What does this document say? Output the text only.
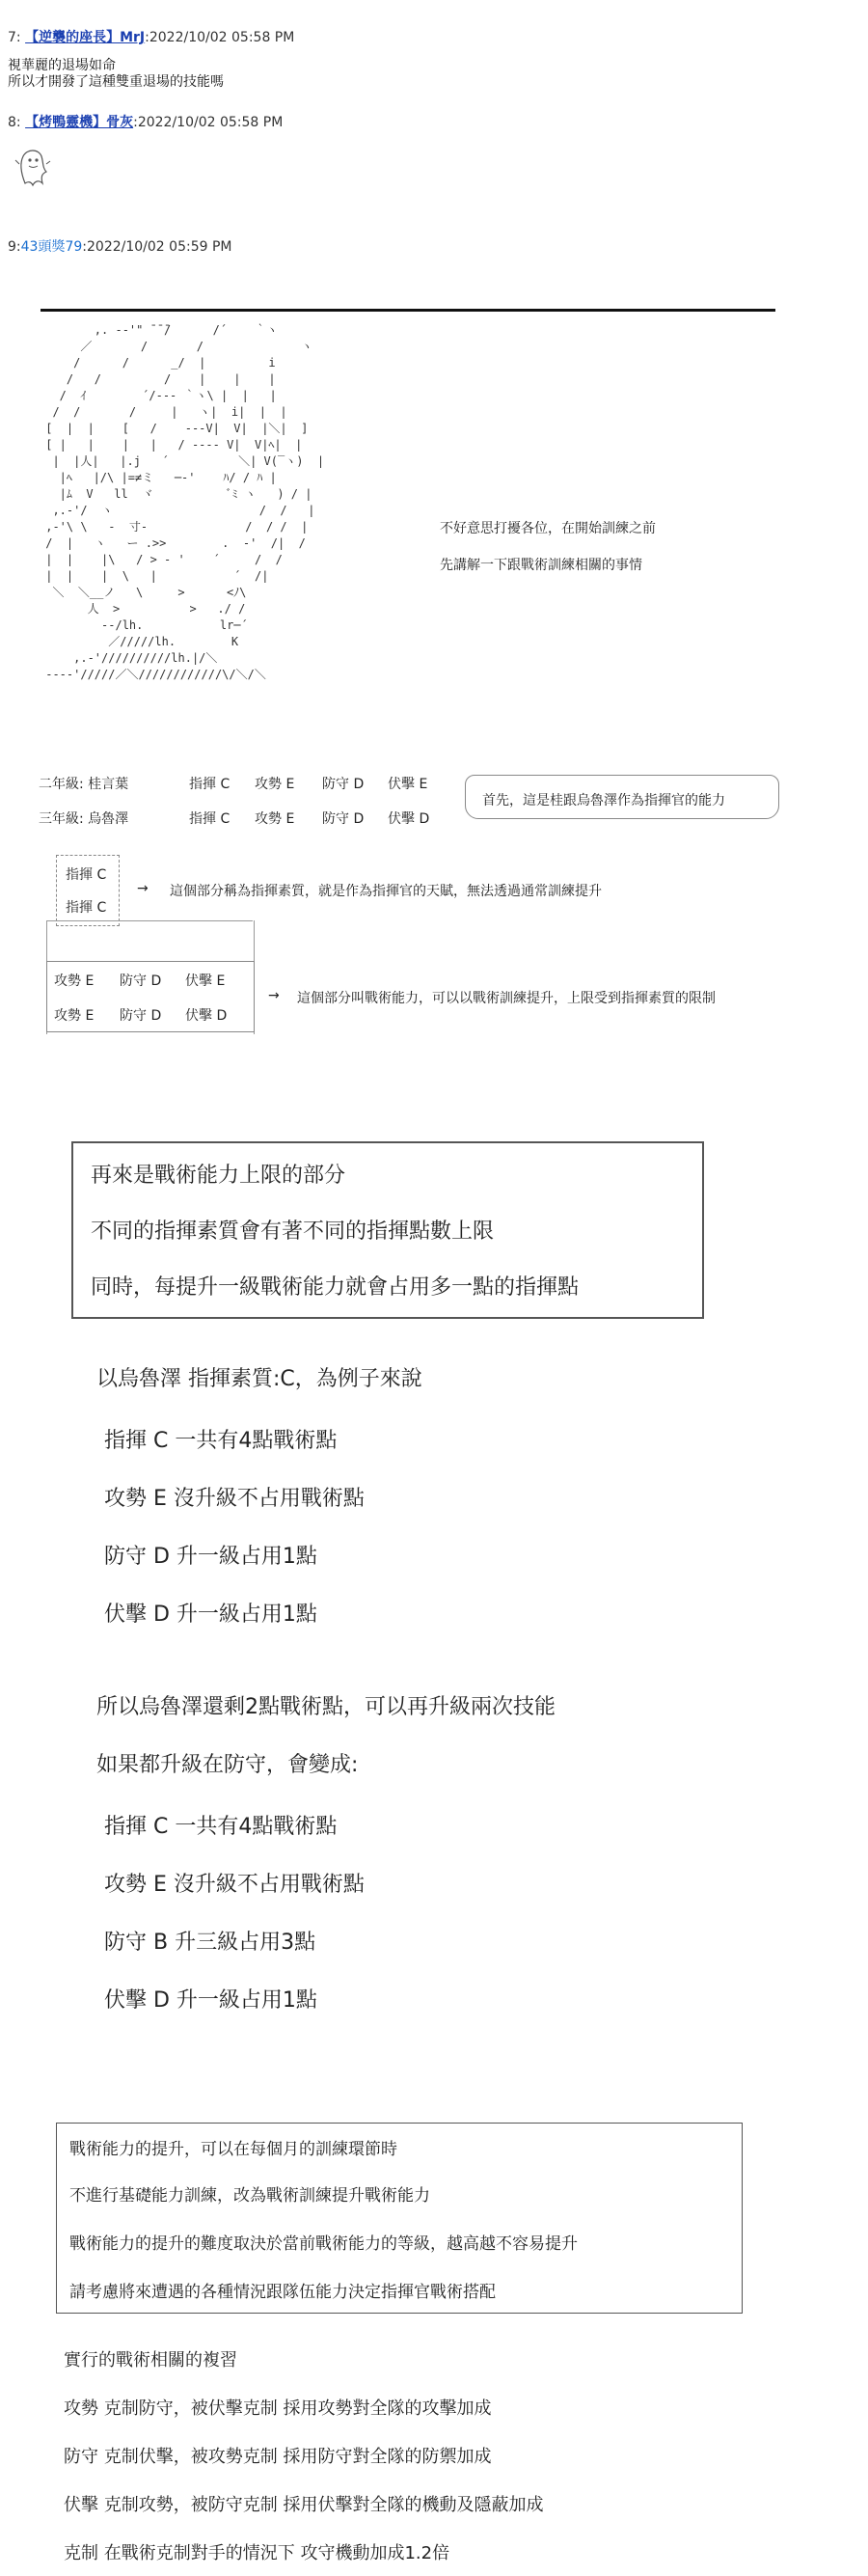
7: 【逆襲的座長】MrJ:2022/10/02 05:58 PM
視華麗的退場如命
所以才開發了這種雙重退場的技能嗎
8: 【烤鴨靈機】骨灰:2022/10/02 05:58 PM
9:43頭獎79:2022/10/02 05:59 PM
,. -‐'" ̄ ̄ ̄/      /´    ｀ヽ
／       /       /              ヽ
/      /      _/  |         i
/   /         /    |    |    |
/  ｲ        ´/‐‐‐ ｀ヽ\ |  |   |
/  /       /     |   ヽ|  i|  |  |
[  |  |    [   /    ‐-‐V|  V|  |＼|  ]
[ |   |    |   |   / ‐‐-‐ V|  V|ﾍ|  |
|  |人|   |.j   ´          ＼| V(‾ヽ)  |
|ﾍ   |/\ |=≠ミ   ─‐'    ﾊ/ / ﾊ |
|ﾑ  V   ll  ヾ           ﾞﾐ ヽ   ) / |
,.-'/  ヽ                     /  /   |
,-'\ \   ‐  寸‐              /  / /  |
/  |   ヽ   ー .>>        .  ‐'  /|  /
|  |    |\   / > ‐ '    ´     /  /
|  |    |  \   |           ´  /|
＼  ＼__ノ   \     >      <ﾉ\
人  >          >   ./ /
‐‐/lh.           lr─´
／/////lh.        K
,.‐'//////////lh.|/＼
‐‐-‐'/////／＼////////////\/＼/＼
不好意思打擾各位，在開始訓練之前
先講解一下跟戰術訓練相關的事情
二年級: 桂言葉
三年級: 烏魯澤
指揮 C 攻勢 E 防守 D 伏擊 E
指揮 C 攻勢 E 防守 D 伏擊 D
首先，這是桂跟烏魯澤作為指揮官的能力
指揮 C
指揮 C
→ 這個部分稱為指揮素質，就是作為指揮官的天賦，無法透過通常訓練提升
攻勢 E 防守 D 伏擊 E
攻勢 E 防守 D 伏擊 D
→ 這個部分叫戰術能力，可以以戰術訓練提升，上限受到指揮素質的限制
再來是戰術能力上限的部分
不同的指揮素質會有著不同的指揮點數上限
同時，每提升一級戰術能力就會占用多一點的指揮點
以烏魯澤 指揮素質:C，為例子來說
指揮 C 一共有4點戰術點
攻勢 E 沒升級不占用戰術點
防守 D 升一級占用1點
伏擊 D 升一級占用1點
所以烏魯澤還剩2點戰術點，可以再升級兩次技能
如果都升級在防守，會變成:
指揮 C 一共有4點戰術點
攻勢 E 沒升級不占用戰術點
防守 B 升三級占用3點
伏擊 D 升一級占用1點
戰術能力的提升，可以在每個月的訓練環節時
不進行基礎能力訓練，改為戰術訓練提升戰術能力
戰術能力的提升的難度取決於當前戰術能力的等級，越高越不容易提升
請考慮將來遭遇的各種情況跟隊伍能力決定指揮官戰術搭配
實行的戰術相關的複習
攻勢 克制防守，被伏擊克制 採用攻勢對全隊的攻擊加成
防守 克制伏擊，被攻勢克制 採用防守對全隊的防禦加成
伏擊 克制攻勢，被防守克制 採用伏擊對全隊的機動及隱蔽加成
克制 在戰術克制對手的情況下 攻守機動加成1.2倍
